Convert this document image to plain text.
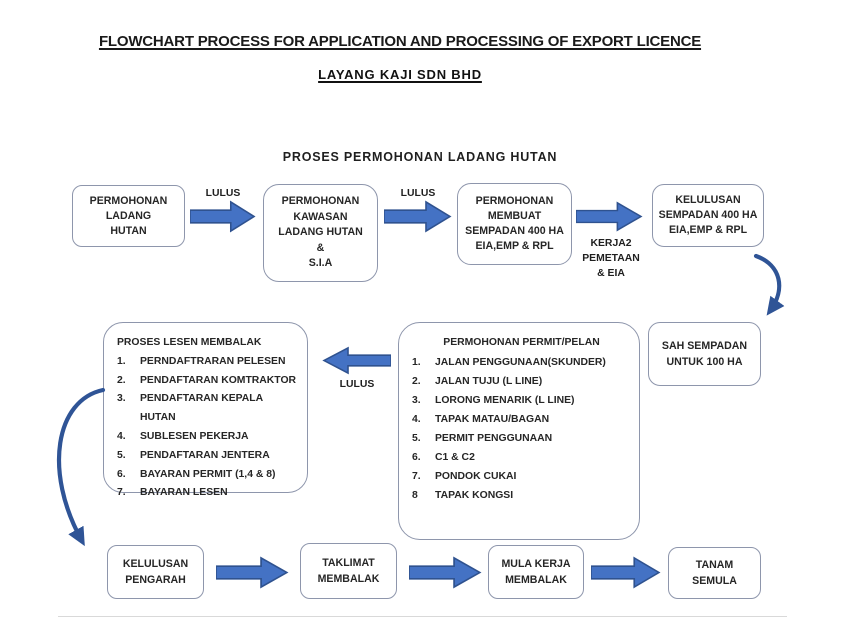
FLOWCHART PROCESS FOR APPLICATION AND PROCESSING OF EXPORT LICENCE
LAYANG KAJI SDN BHD
PROSES PERMOHONAN LADANG HUTAN
PERMOHONAN
LADANG
HUTAN
LULUS
PERMOHONAN
KAWASAN
LADANG HUTAN
&
S.I.A
LULUS
PERMOHONAN
MEMBUAT
SEMPADAN 400 HA
EIA,EMP & RPL	KERJA2
PEMETAAN
& EIA
KELULUSAN
SEMPADAN 400 HA
EIA,EMP & RPL
SAH SEMPADAN
UNTUK 100 HA
PROSES LESEN MEMBALAK
1.	PERNDAFTRARAN PELESEN
2.	PENDAFTARAN KOMTRAKTOR
3.	PENDAFTARAN KEPALA HUTAN
4.	SUBLESEN PEKERJA
5.	PENDAFTARAN JENTERA
6.	BAYARAN PERMIT (1,4 & 8)
7.	BAYARAN LESEN
LULUS
PERMOHONAN PERMIT/PELAN
1.	JALAN PENGGUNAAN(SKUNDER)
2.	JALAN TUJU (L LINE)
3.	LORONG MENARIK (L LINE)
4.	TAPAK MATAU/BAGAN
5.	PERMIT PENGGUNAAN
6.	C1 & C2
7.	PONDOK CUKAI
8	TAPAK KONGSI
KELULUSAN
PENGARAH
TAKLIMAT
MEMBALAK
MULA KERJA
MEMBALAK
TANAM
SEMULA
